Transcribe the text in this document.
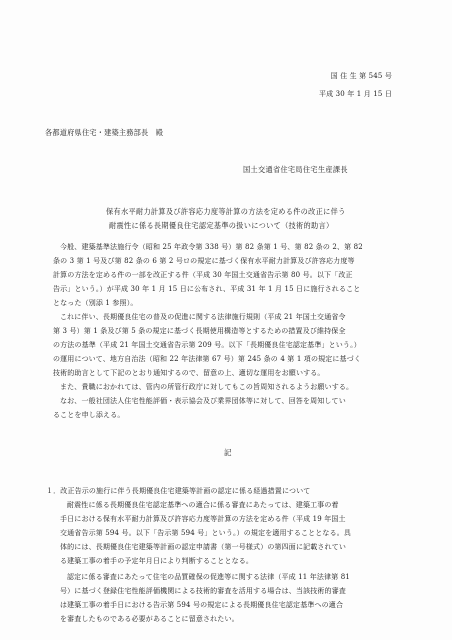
国 住 生 第 545 号
平成 30 年 1 月 15 日
各都道府県住宅・建築主務部長　殿
国土交通省住宅局住宅生産課長
保有水平耐力計算及び許容応力度等計算の方法を定める件の改正に伴う
耐震性に係る長期優良住宅認定基準の扱いについて（技術的助言）
今般、建築基準法施行令（昭和 25 年政令第 338 号）第 82 条第 1 号、第 82 条の 2、第 82
条の 3 第 1 号及び第 82 条の 6 第 2 号ロの規定に基づく保有水平耐力計算及び許容応力度等
計算の方法を定める件の一部を改正する件（平成 30 年国土交通省告示第 80 号。以下「改正
告示」という。）が平成 30 年 1 月 15 日に公布され、平成 31 年 1 月 15 日に施行されること
となった（別添 1 参照）。
これに伴い、長期優良住宅の普及の促進に関する法律施行規則（平成 21 年国土交通省令
第 3 号）第 1 条及び第 5 条の規定に基づく長期使用構造等とするための措置及び維持保全
の方法の基準（平成 21 年国土交通省告示第 209 号。以下「長期優良住宅認定基準」という。）
の運用について、地方自治法（昭和 22 年法律第 67 号）第 245 条の 4 第 1 項の規定に基づく
技術的助言として下記のとおり通知するので、留意の上、適切な運用をお願いする。
また、貴職におかれては、管内の所管行政庁に対してもこの旨周知されるようお願いする。
なお、一般社団法人住宅性能評価・表示協会及び業界団体等に対して、回答を周知してい
ることを申し添える。
記
１．改正告示の施行に伴う長期優良住宅建築等計画の認定に係る経過措置について
耐震性に係る長期優良住宅認定基準への適合に係る審査にあたっては、建築工事の着
手日における保有水平耐力計算及び許容応力度等計算の方法を定める件（平成 19 年国土
交通省告示第 594 号。以下「告示第 594 号」という。）の規定を適用することとなる。具
体的には、長期優良住宅建築等計画の認定申請書（第一号様式）の第四面に記載されてい
る建築工事の着手の予定年月日により判断することとなる。
認定に係る審査にあたって住宅の品質確保の促進等に関する法律（平成 11 年法律第 81
号）に基づく登録住宅性能評価機関による技術的審査を活用する場合は、当該技術的審査
は建築工事の着手日における告示第 594 号の規定による長期優良住宅認定基準への適合
を審査したものである必要があることに留意されたい。
